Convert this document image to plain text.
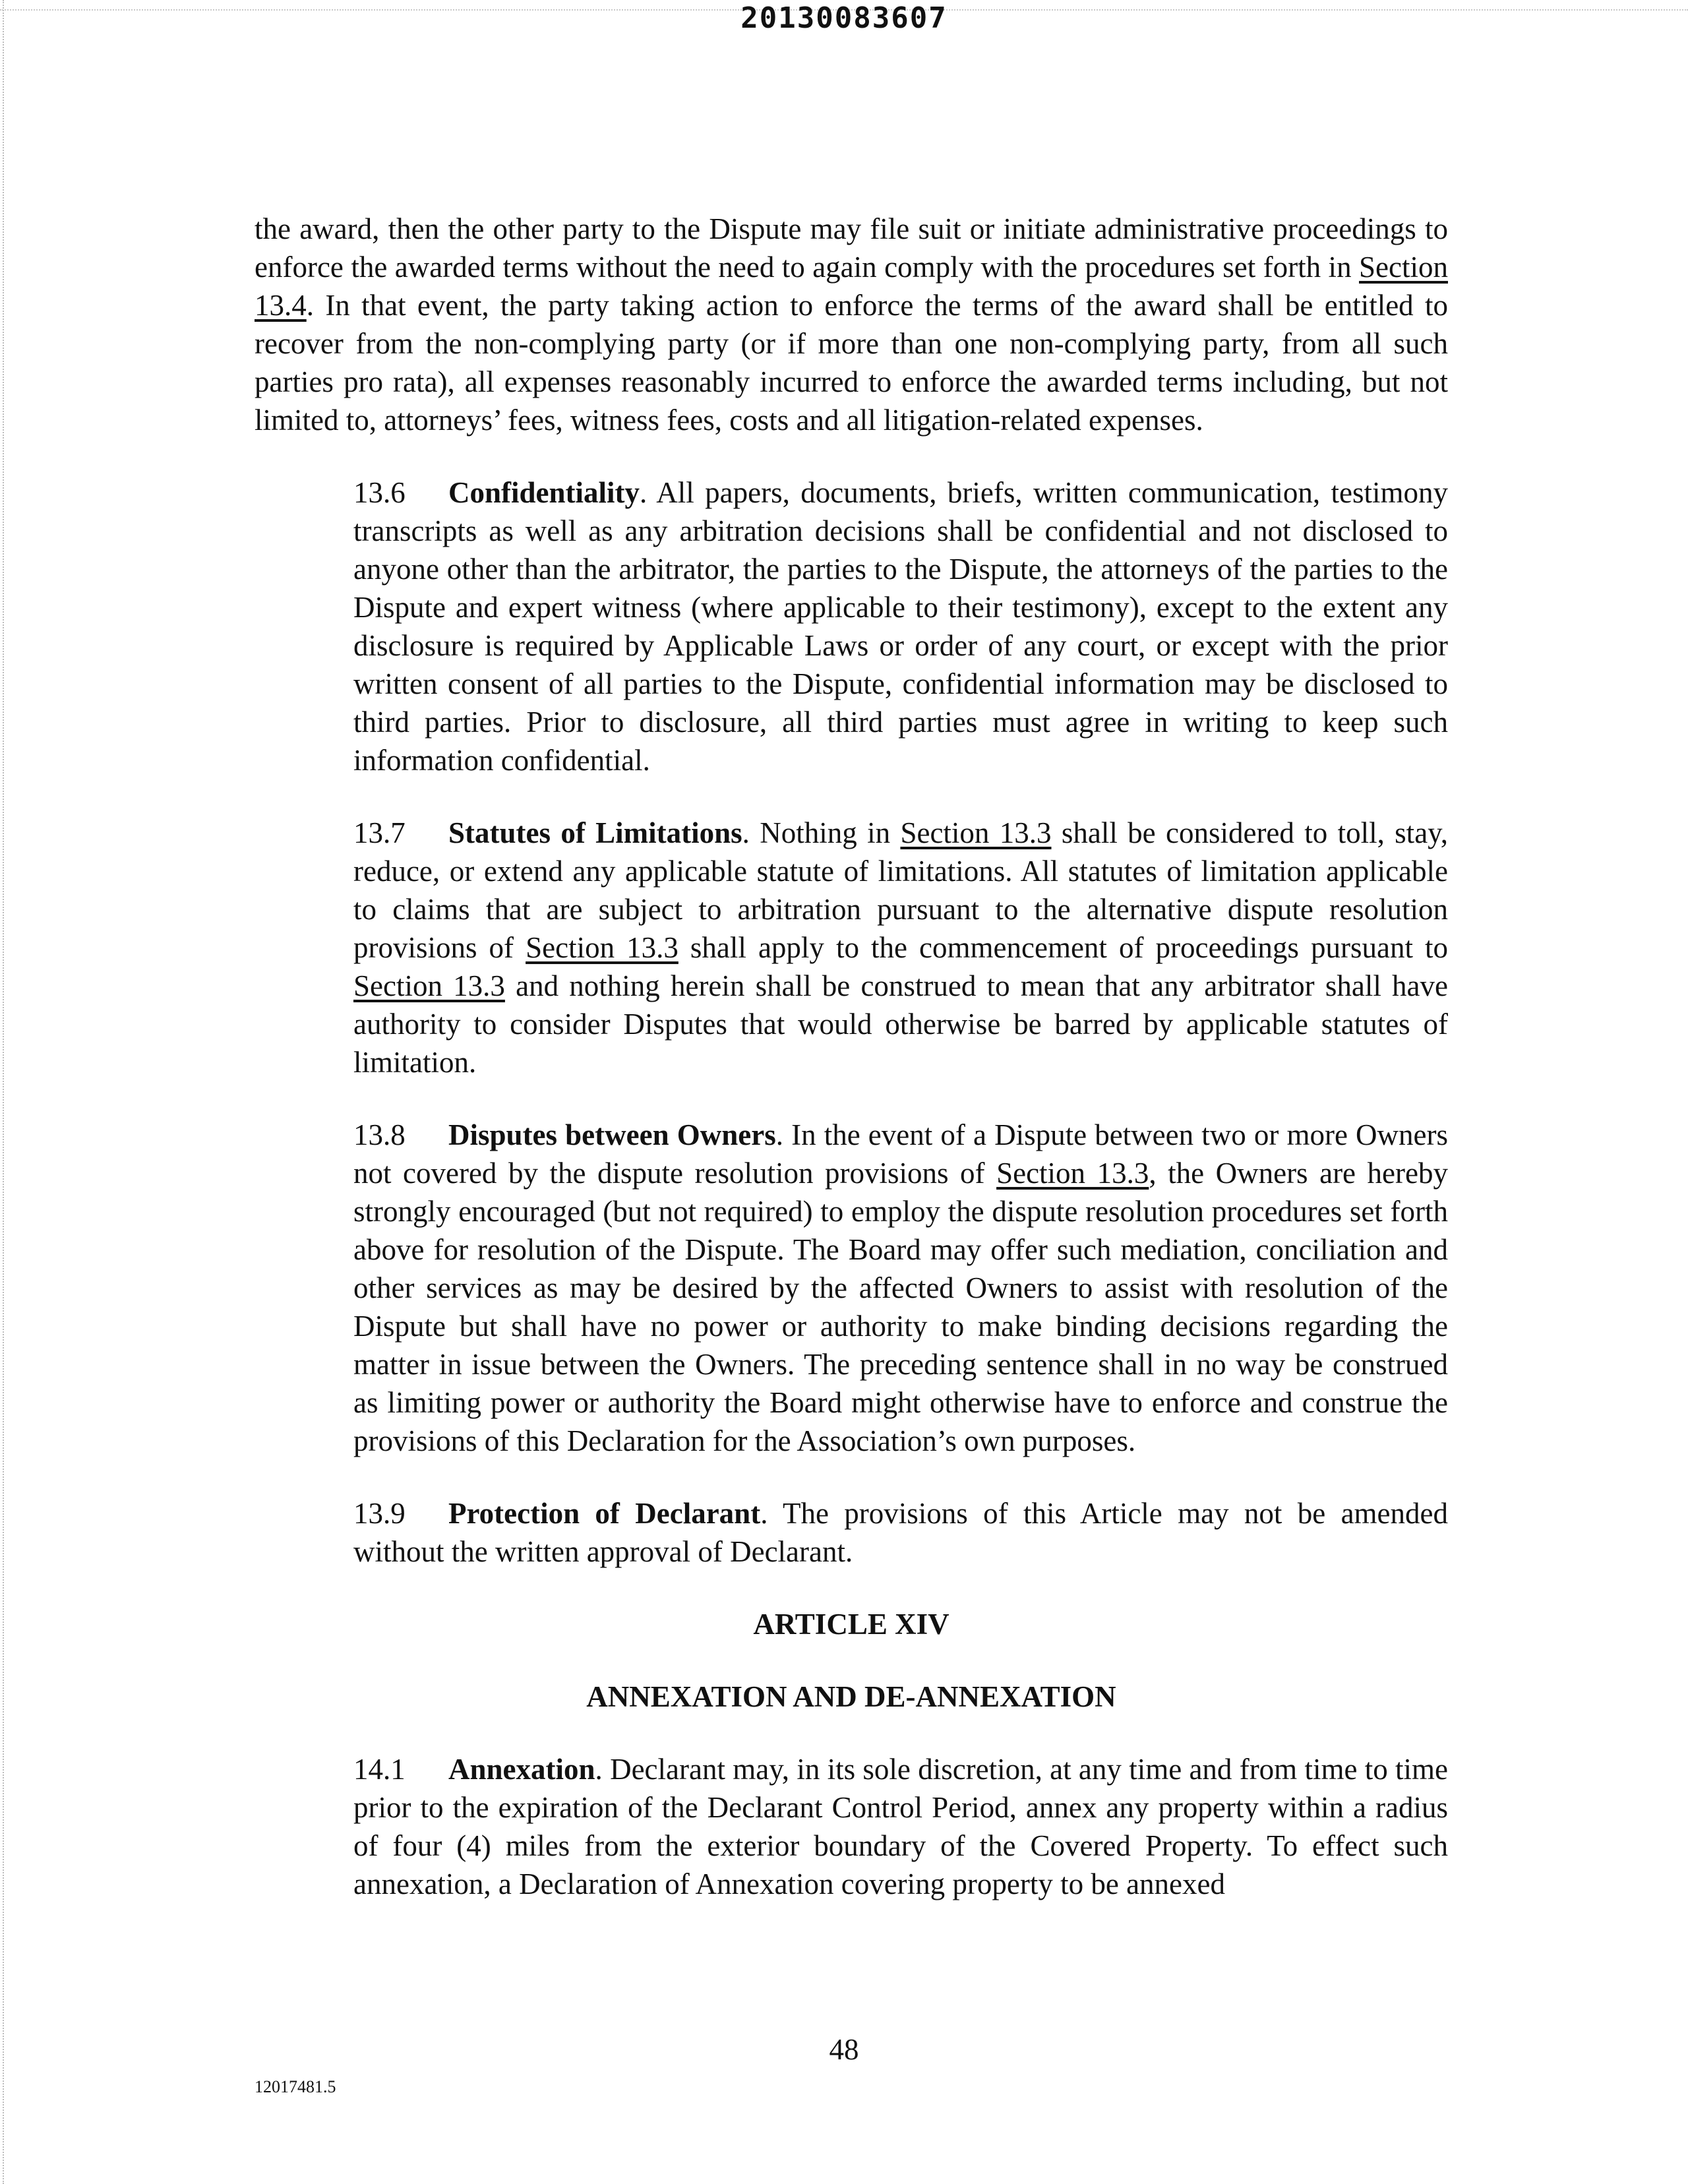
20130083607

the award, then the other party to the Dispute may file suit or initiate administrative proceedings to enforce the awarded terms without the need to again comply with the procedures set forth in Section 13.4. In that event, the party taking action to enforce the terms of the award shall be entitled to recover from the non-complying party (or if more than one non-complying party, from all such parties pro rata), all expenses reasonably incurred to enforce the awarded terms including, but not limited to, attorneys’ fees, witness fees, costs and all litigation-related expenses.

13.6 Confidentiality. All papers, documents, briefs, written communication, testimony transcripts as well as any arbitration decisions shall be confidential and not disclosed to anyone other than the arbitrator, the parties to the Dispute, the attorneys of the parties to the Dispute and expert witness (where applicable to their testimony), except to the extent any disclosure is required by Applicable Laws or order of any court, or except with the prior written consent of all parties to the Dispute, confidential information may be disclosed to third parties. Prior to disclosure, all third parties must agree in writing to keep such information confidential.

13.7 Statutes of Limitations. Nothing in Section 13.3 shall be considered to toll, stay, reduce, or extend any applicable statute of limitations. All statutes of limitation applicable to claims that are subject to arbitration pursuant to the alternative dispute resolution provisions of Section 13.3 shall apply to the commencement of proceedings pursuant to Section 13.3 and nothing herein shall be construed to mean that any arbitrator shall have authority to consider Disputes that would otherwise be barred by applicable statutes of limitation.

13.8 Disputes between Owners. In the event of a Dispute between two or more Owners not covered by the dispute resolution provisions of Section 13.3, the Owners are hereby strongly encouraged (but not required) to employ the dispute resolution procedures set forth above for resolution of the Dispute. The Board may offer such mediation, conciliation and other services as may be desired by the affected Owners to assist with resolution of the Dispute but shall have no power or authority to make binding decisions regarding the matter in issue between the Owners. The preceding sentence shall in no way be construed as limiting power or authority the Board might otherwise have to enforce and construe the provisions of this Declaration for the Association’s own purposes.

13.9 Protection of Declarant. The provisions of this Article may not be amended without the written approval of Declarant.

ARTICLE XIV
ANNEXATION AND DE-ANNEXATION

14.1 Annexation. Declarant may, in its sole discretion, at any time and from time to time prior to the expiration of the Declarant Control Period, annex any property within a radius of four (4) miles from the exterior boundary of the Covered Property. To effect such annexation, a Declaration of Annexation covering property to be annexed

48
12017481.5
